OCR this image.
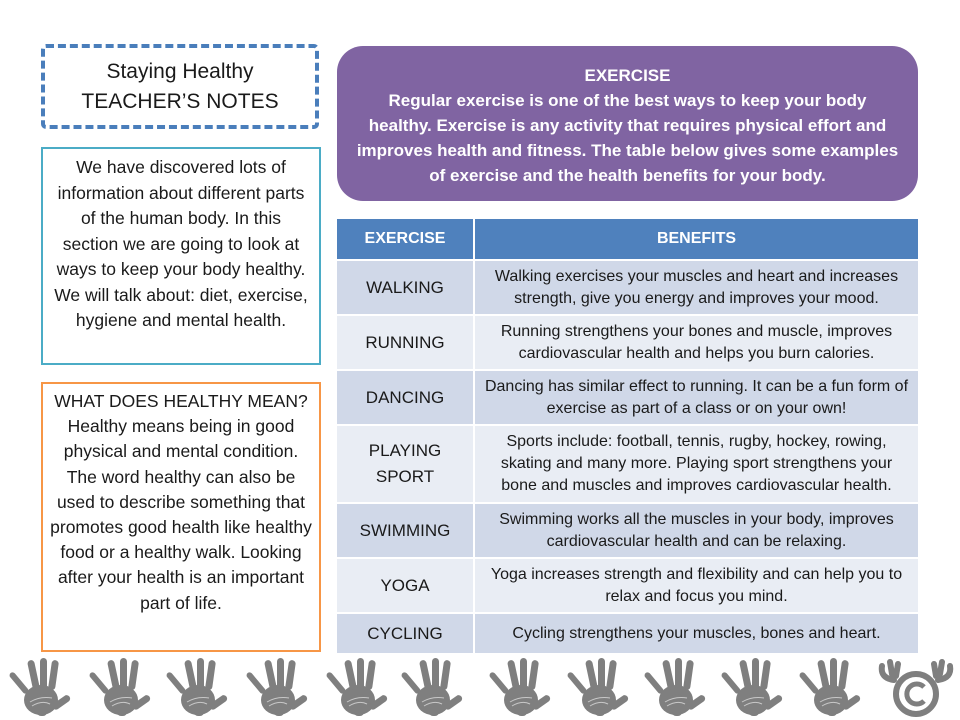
Staying Healthy
TEACHER’S NOTES
We have discovered lots of information about different parts of the human body. In this section we are going to look at ways to keep your body healthy. We will talk about: diet, exercise, hygiene and mental health.
WHAT DOES HEALTHY MEAN?
Healthy means being in good physical and mental condition. The word healthy can also be used to describe something that promotes good health like healthy food or a healthy walk. Looking after your health is an important part of life.
EXERCISE
Regular exercise is one of the best ways to keep your body healthy. Exercise is any activity that requires physical effort and improves health and fitness. The table below gives some examples of exercise and the health benefits for your body.
EXERCISE	BENEFITS
WALKING	Walking exercises your muscles and heart and increases strength, give you energy and improves your mood.
RUNNING	Running strengthens your bones and muscle, improves cardiovascular health and helps you burn calories.
DANCING	Dancing has similar effect to running. It can be a fun form of exercise as part of a class or on your own!
PLAYING SPORT	Sports include: football, tennis, rugby, hockey, rowing, skating and many more. Playing sport strengthens your bone and muscles and improves cardiovascular health.
SWIMMING	Swimming works all the muscles in your body, improves cardiovascular health and can be relaxing.
YOGA	Yoga increases strength and flexibility and can help you to relax and focus you mind.
CYCLING	Cycling strengthens your muscles, bones and heart.
